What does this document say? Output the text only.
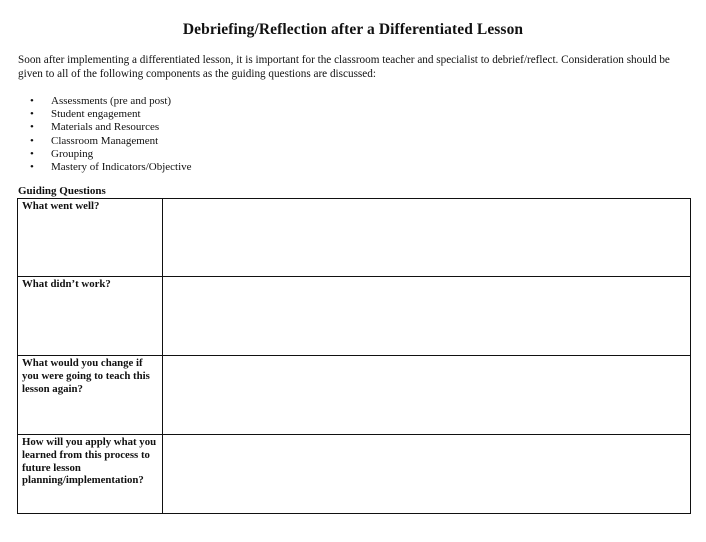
Debriefing/Reflection after a Differentiated Lesson
Soon after implementing a differentiated lesson, it is important for the classroom teacher and specialist to debrief/reflect. Consideration should be given to all of the following components as the guiding questions are discussed:
•	Assessments (pre and post)
•	Student engagement
•	Materials and Resources
•	Classroom Management
•	Grouping
•	Mastery of Indicators/Objective
Guiding Questions
What went well?	
What didn’t work?	
What would you change if you were going to teach this lesson again?	
How will you apply what you learned from this process to future lesson planning/implementation?	
